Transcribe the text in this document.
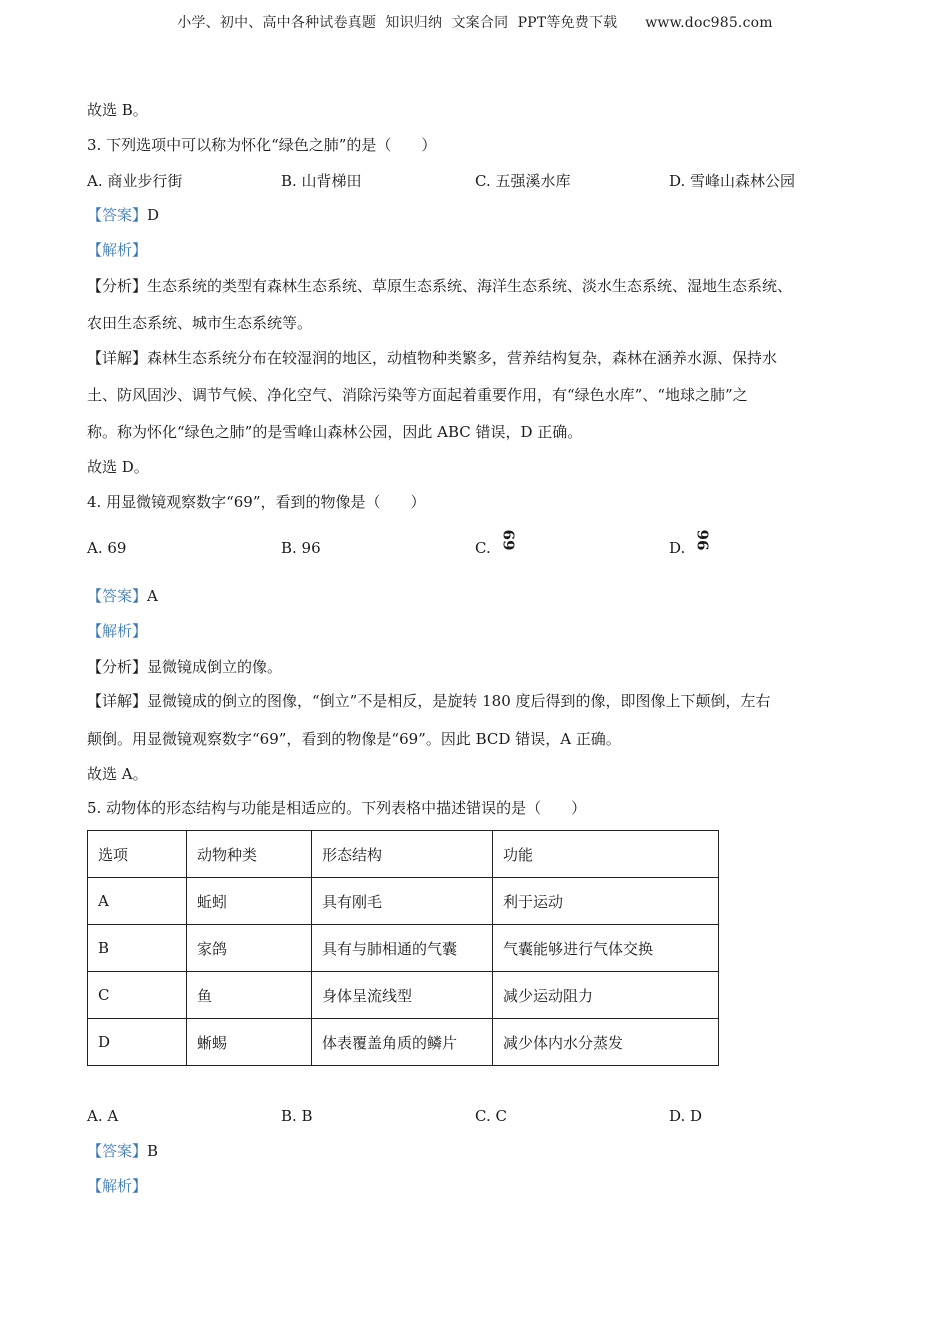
小学、初中、高中各种试卷真题  知识归纳  文案合同  PPT等免费下载      www.doc985.com
故选 B。
3. 下列选项中可以称为怀化“绿色之肺”的是（　　）
A. 商业步行街	B. 山背梯田	C. 五强溪水库	D. 雪峰山森林公园
【答案】D
【解析】
【分析】生态系统的类型有森林生态系统、草原生态系统、海洋生态系统、淡水生态系统、湿地生态系统、
农田生态系统、城市生态系统等。
【详解】森林生态系统分布在较湿润的地区，动植物种类繁多，营养结构复杂，森林在涵养水源、保持水
土、防风固沙、调节气候、净化空气、消除污染等方面起着重要作用，有“绿色水库”、“地球之肺”之
称。称为怀化“绿色之肺”的是雪峰山森林公园，因此 ABC 错误，D 正确。
故选 D。
4. 用显微镜观察数字“69”，看到的物像是（　　）
A. 69	B. 96	C. 69	D. 96
【答案】A
【解析】
【分析】显微镜成倒立的像。
【详解】显微镜成的倒立的图像，“倒立”不是相反，是旋转 180 度后得到的像，即图像上下颠倒，左右
颠倒。用显微镜观察数字“69”，看到的物像是“69”。因此 BCD 错误，A 正确。
故选 A。
5. 动物体的形态结构与功能是相适应的。下列表格中描述错误的是（　　）
选项	动物种类	形态结构	功能
A	蚯蚓	具有刚毛	利于运动
B	家鸽	具有与肺相通的气囊	气囊能够进行气体交换
C	鱼	身体呈流线型	减少运动阻力
D	蜥蜴	体表覆盖角质的鳞片	减少体内水分蒸发
A. A	B. B	C. C	D. D
【答案】B
【解析】
